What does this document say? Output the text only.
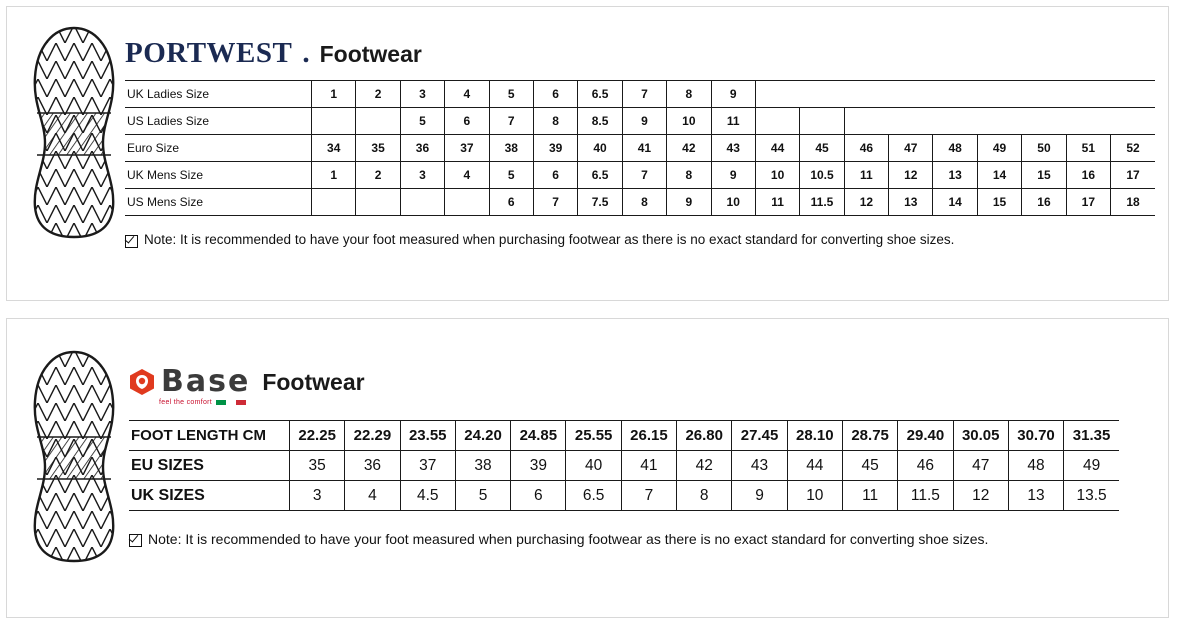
PORTWEST . Footwear
UK Ladies Size	1	2	3	4	5	6	6.5	7	8	9									
US Ladies Size			5	6	7	8	8.5	9	10	11									
Euro Size	34	35	36	37	38	39	40	41	42	43	44	45	46	47	48	49	50	51	52
UK Mens Size	1	2	3	4	5	6	6.5	7	8	9	10	10.5	11	12	13	14	15	16	17
US Mens Size					6	7	7.5	8	9	10	11	11.5	12	13	14	15	16	17	18
Note: It is recommended to have your foot measured when purchasing footwear as there is no exact standard for converting shoe sizes.
Base
feel the comfort
Footwear
FOOT LENGTH CM	22.25	22.29	23.55	24.20	24.85	25.55	26.15	26.80	27.45	28.10	28.75	29.40	30.05	30.70	31.35
EU SIZES	35	36	37	38	39	40	41	42	43	44	45	46	47	48	49
UK SIZES	3	4	4.5	5	6	6.5	7	8	9	10	11	11.5	12	13	13.5
Note: It is recommended to have your foot measured when purchasing footwear as there is no exact standard for converting shoe sizes.
